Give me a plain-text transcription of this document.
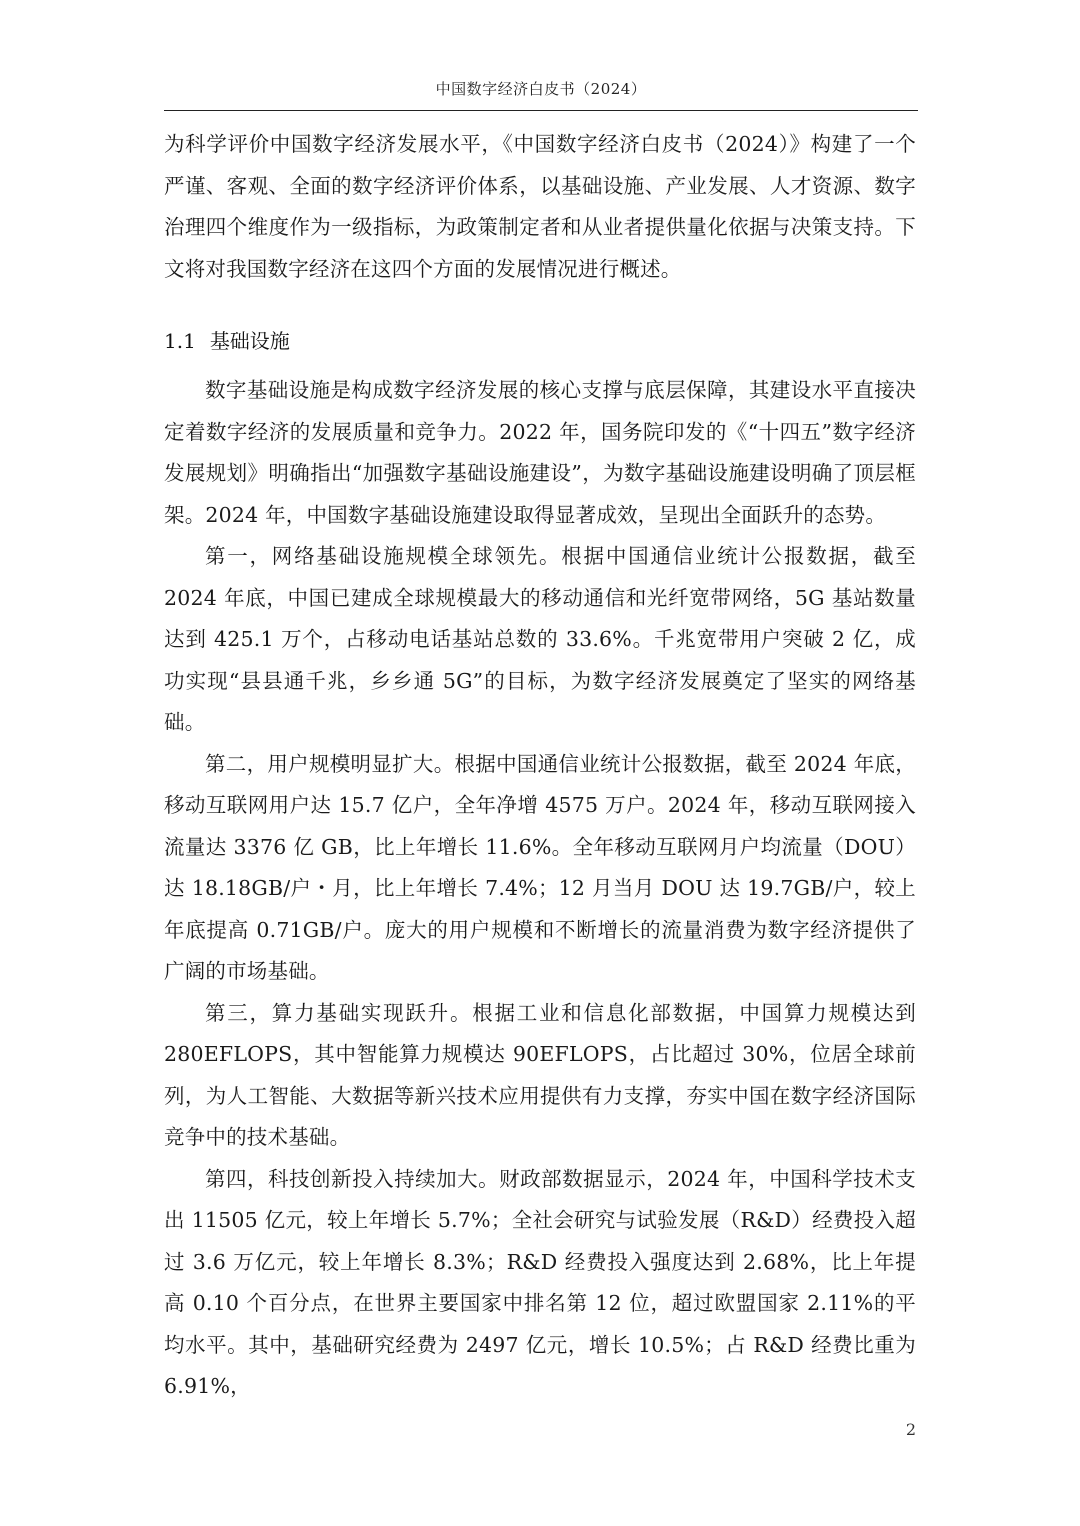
中国数字经济白皮书（2024）

为科学评价中国数字经济发展水平，《中国数字经济白皮书（2024）》构建了一个严谨、客观、全面的数字经济评价体系，以基础设施、产业发展、人才资源、数字治理四个维度作为一级指标，为政策制定者和从业者提供量化依据与决策支持。下文将对我国数字经济在这四个方面的发展情况进行概述。

1.1 基础设施

数字基础设施是构成数字经济发展的核心支撑与底层保障，其建设水平直接决定着数字经济的发展质量和竞争力。2022 年，国务院印发的《“十四五”数字经济发展规划》明确指出“加强数字基础设施建设”，为数字基础设施建设明确了顶层框架。2024 年，中国数字基础设施建设取得显著成效，呈现出全面跃升的态势。

第一，网络基础设施规模全球领先。根据中国通信业统计公报数据，截至 2024 年底，中国已建成全球规模最大的移动通信和光纤宽带网络，5G 基站数量达到 425.1 万个，占移动电话基站总数的 33.6%。千兆宽带用户突破 2 亿，成功实现“县县通千兆，乡乡通 5G”的目标，为数字经济发展奠定了坚实的网络基础。

第二，用户规模明显扩大。根据中国通信业统计公报数据，截至 2024 年底，移动互联网用户达 15.7 亿户，全年净增 4575 万户。2024 年，移动互联网接入流量达 3376 亿 GB，比上年增长 11.6%。全年移动互联网月户均流量（DOU）达 18.18GB/户・月，比上年增长 7.4%；12 月当月 DOU 达 19.7GB/户，较上年底提高 0.71GB/户。庞大的用户规模和不断增长的流量消费为数字经济提供了广阔的市场基础。

第三，算力基础实现跃升。根据工业和信息化部数据，中国算力规模达到 280EFLOPS，其中智能算力规模达 90EFLOPS，占比超过 30%，位居全球前列，为人工智能、大数据等新兴技术应用提供有力支撑，夯实中国在数字经济国际竞争中的技术基础。

第四，科技创新投入持续加大。财政部数据显示，2024 年，中国科学技术支出 11505 亿元，较上年增长 5.7%；全社会研究与试验发展（R&D）经费投入超过 3.6 万亿元，较上年增长 8.3%；R&D 经费投入强度达到 2.68%，比上年提高 0.10 个百分点，在世界主要国家中排名第 12 位，超过欧盟国家 2.11%的平均水平。其中，基础研究经费为 2497 亿元，增长 10.5%；占 R&D 经费比重为 6.91%，

2
